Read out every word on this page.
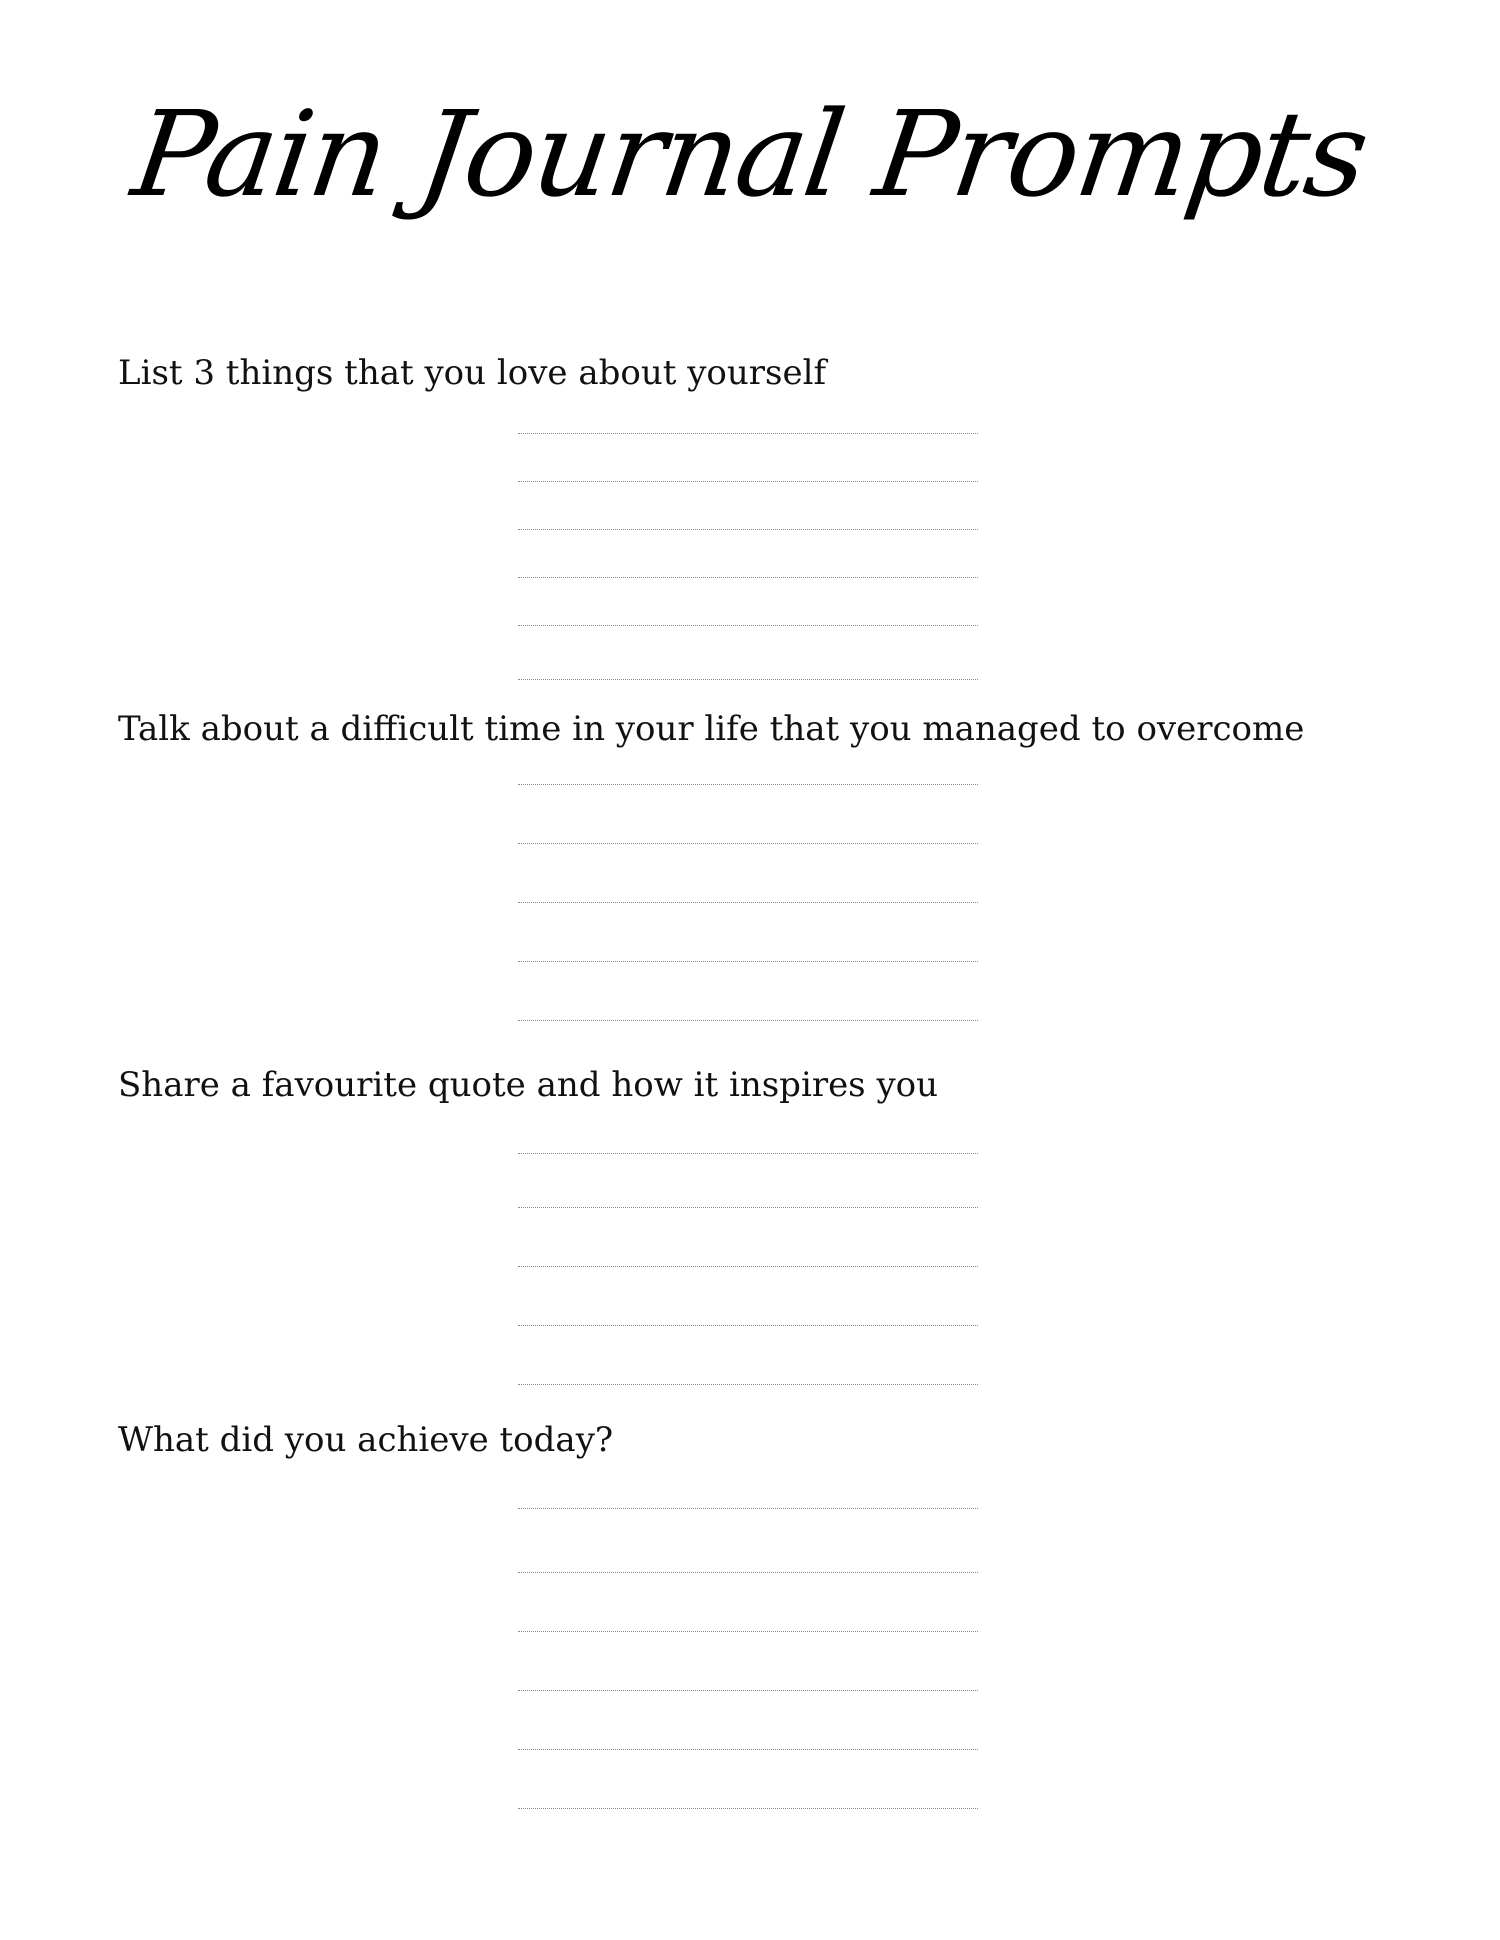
Pain Journal Prompts
List 3 things that you love about yourself
Talk about a difficult time in your life that you managed to overcome
Share a favourite quote and how it inspires you
What did you achieve today?
